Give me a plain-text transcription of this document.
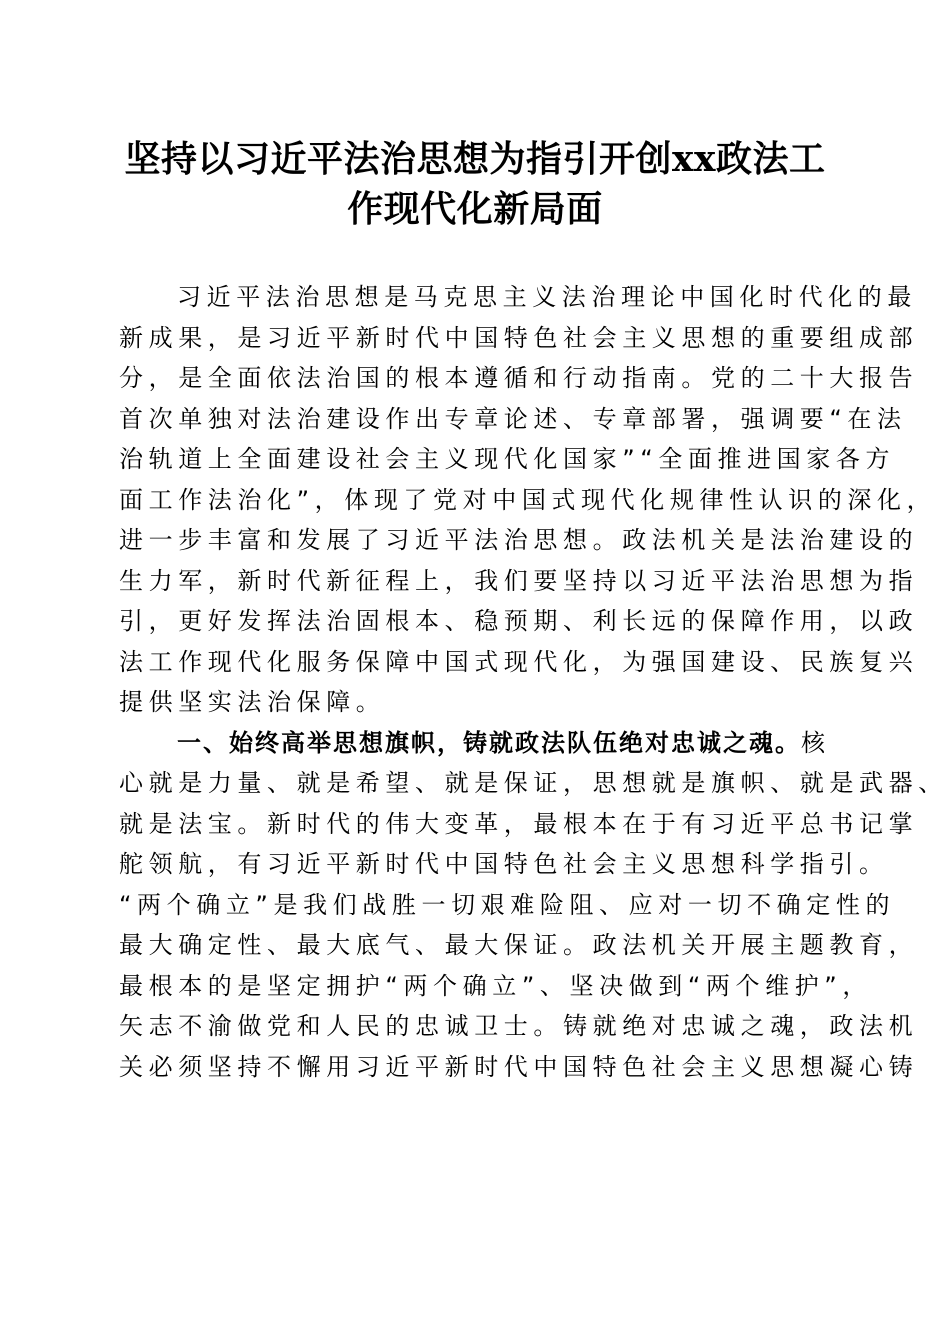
坚持以习近平法治思想为指引开创xx政法工
作现代化新局面
习近平法治思想是马克思主义法治理论中国化时代化的最
新成果，是习近平新时代中国特色社会主义思想的重要组成部
分，是全面依法治国的根本遵循和行动指南。党的二十大报告
首次单独对法治建设作出专章论述、专章部署，强调要“在法
治轨道上全面建设社会主义现代化国家”“全面推进国家各方
面工作法治化”，体现了党对中国式现代化规律性认识的深化，
进一步丰富和发展了习近平法治思想。政法机关是法治建设的
生力军，新时代新征程上，我们要坚持以习近平法治思想为指
引，更好发挥法治固根本、稳预期、利长远的保障作用，以政
法工作现代化服务保障中国式现代化，为强国建设、民族复兴
提供坚实法治保障。
一、始终高举思想旗帜，铸就政法队伍绝对忠诚之魂。核
心就是力量、就是希望、就是保证，思想就是旗帜、就是武器、
就是法宝。新时代的伟大变革，最根本在于有习近平总书记掌
舵领航，有习近平新时代中国特色社会主义思想科学指引。
“两个确立”是我们战胜一切艰难险阻、应对一切不确定性的
最大确定性、最大底气、最大保证。政法机关开展主题教育，
最根本的是坚定拥护“两个确立”、坚决做到“两个维护”，
矢志不渝做党和人民的忠诚卫士。铸就绝对忠诚之魂，政法机
关必须坚持不懈用习近平新时代中国特色社会主义思想凝心铸
